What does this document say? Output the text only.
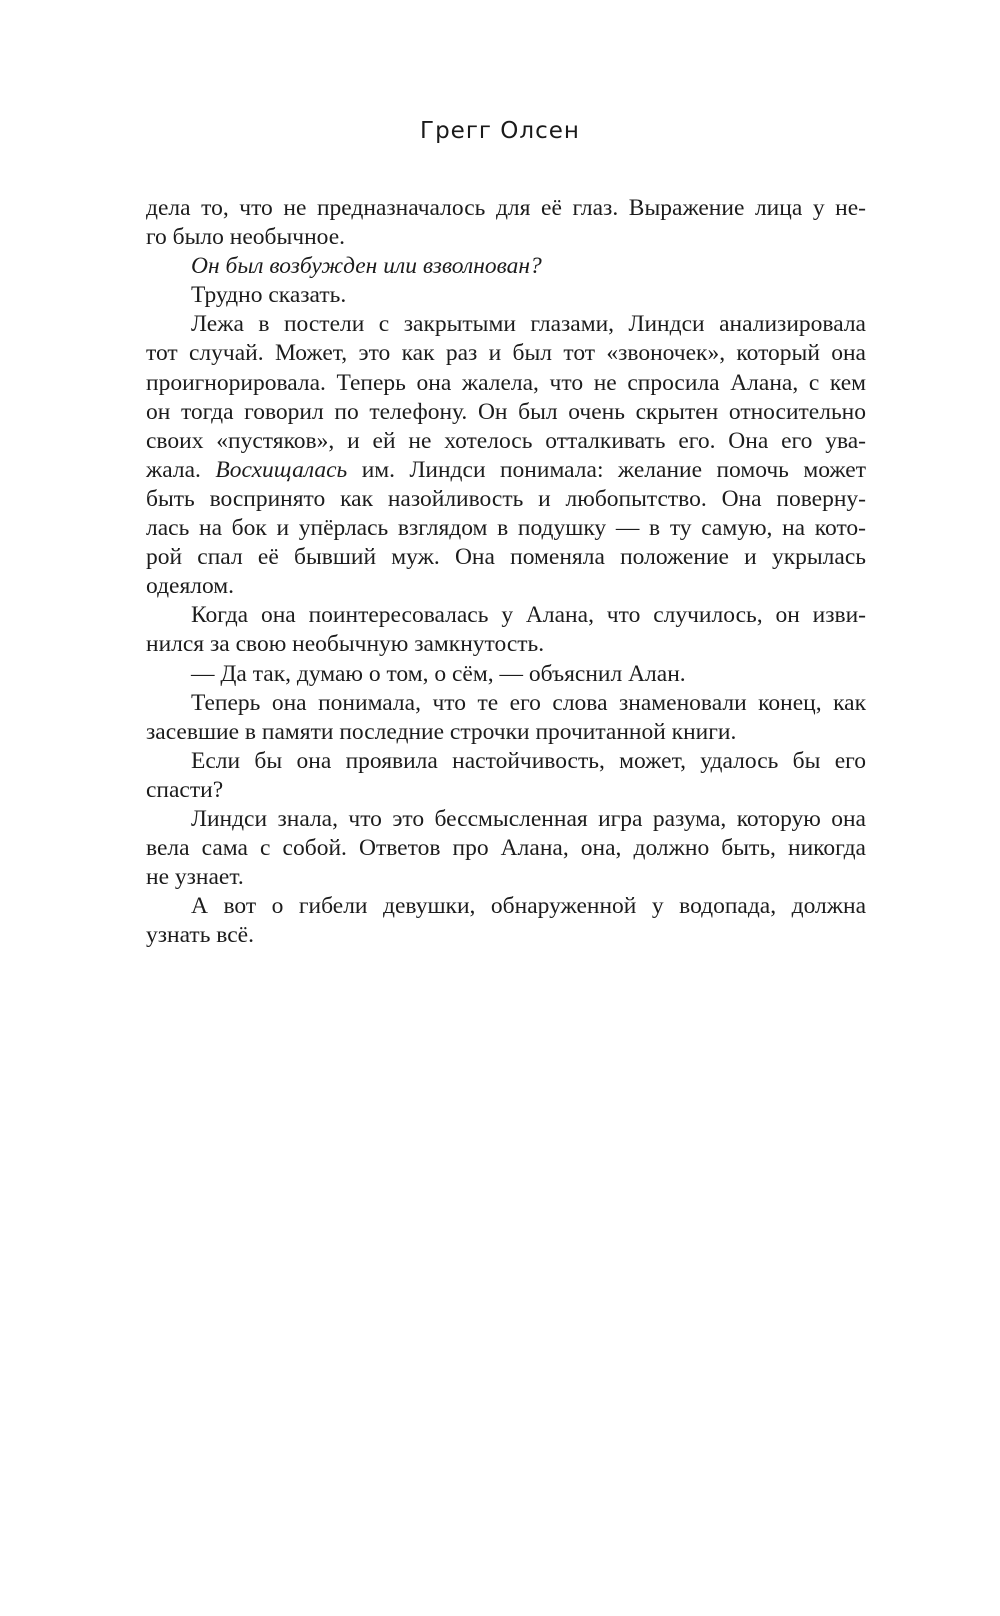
Грегг Олсен
дела то, что не предназначалось для её глаз. Выражение лица у не-
го было необычное.
Он был возбужден или взволнован?
Трудно сказать.
Лежа в постели с закрытыми глазами, Линдси анализировала
тот случай. Может, это как раз и был тот «звоночек», который она
проигнорировала. Теперь она жалела, что не спросила Алана, с кем
он тогда говорил по телефону. Он был очень скрытен относительно
своих «пустяков», и ей не хотелось отталкивать его. Она его ува-
жала. Восхищалась им. Линдси понимала: желание помочь может
быть воспринято как назойливость и любопытство. Она поверну-
лась на бок и упёрлась взглядом в подушку — в ту самую, на кото-
рой спал её бывший муж. Она поменяла положение и укрылась
одеялом.
Когда она поинтересовалась у Алана, что случилось, он изви-
нился за свою необычную замкнутость.
— Да так, думаю о том, о сём, — объяснил Алан.
Теперь она понимала, что те его слова знаменовали конец, как
засевшие в памяти последние строчки прочитанной книги.
Если бы она проявила настойчивость, может, удалось бы его
спасти?
Линдси знала, что это бессмысленная игра разума, которую она
вела сама с собой. Ответов про Алана, она, должно быть, никогда
не узнает.
А вот о гибели девушки, обнаруженной у водопада, должна
узнать всё.
